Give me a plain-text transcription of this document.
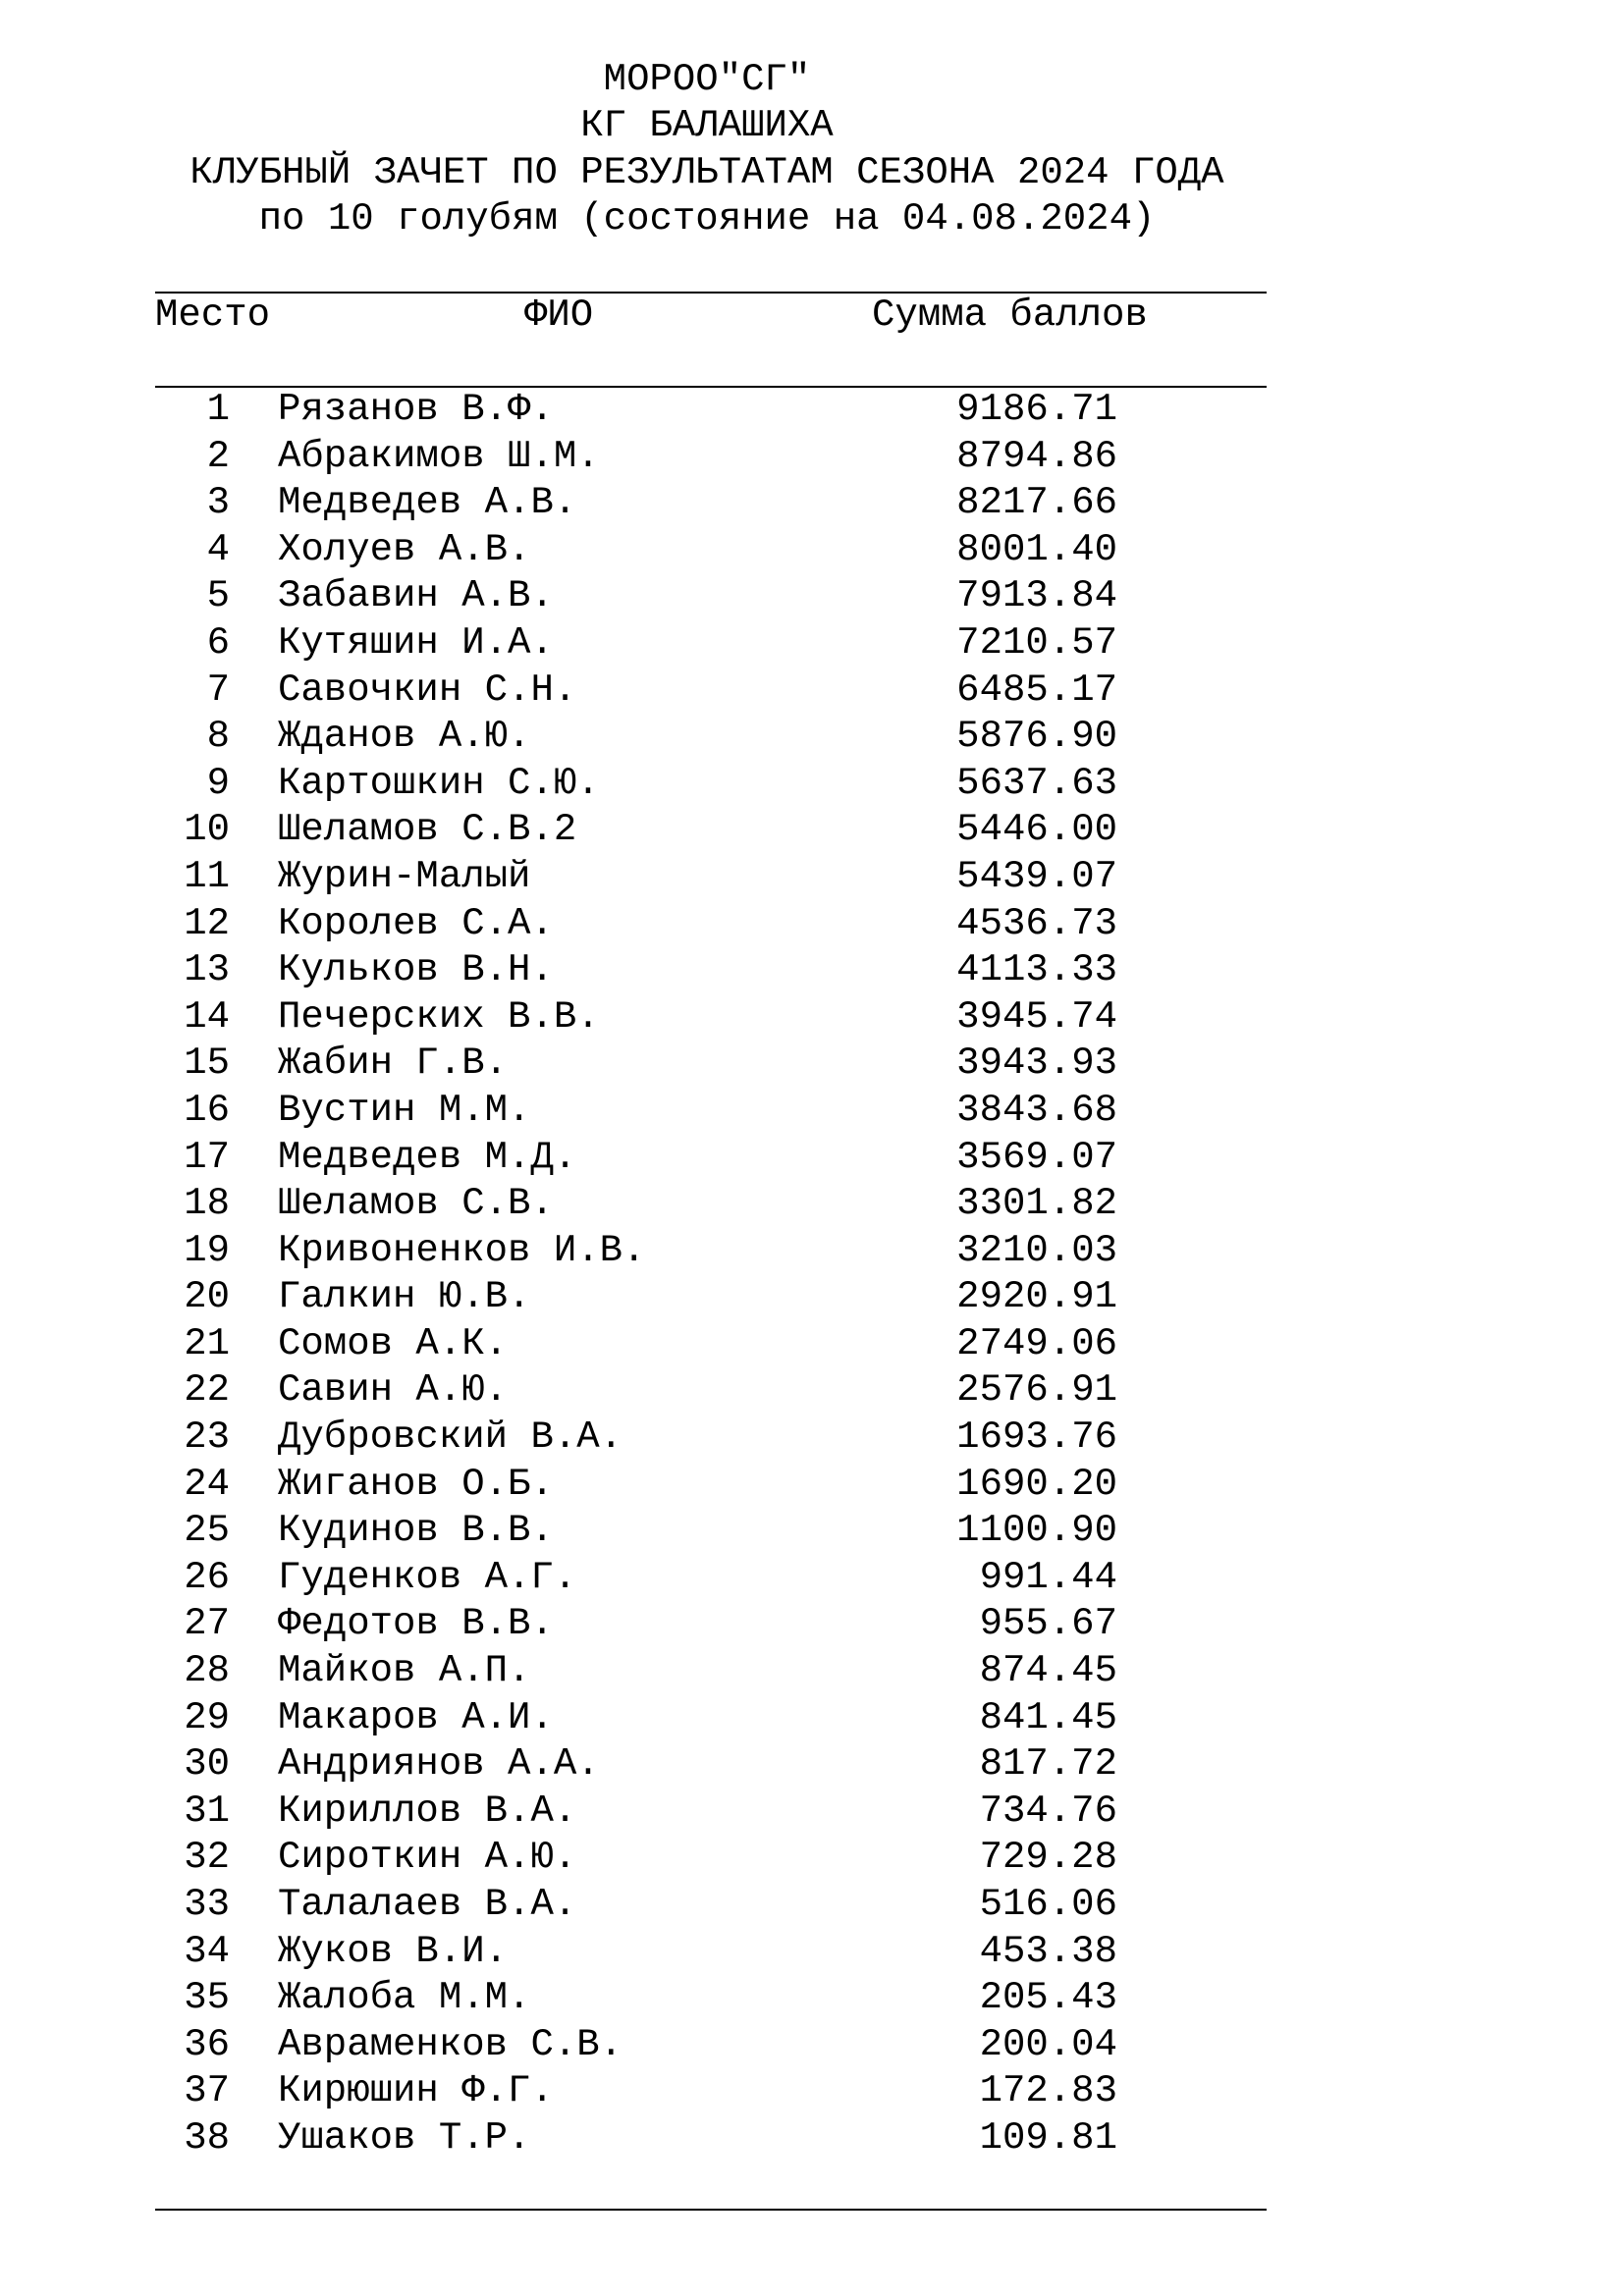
МОРОО"СГ"
КГ БАЛАШИХА
КЛУБНЫЙ ЗАЧЕТ ПО РЕЗУЛЬТАТАМ СЕЗОНА 2024 ГОДА
по 10 голубям (состояние на 04.08.2024)
Место	ФИО	Сумма баллов
1 Рязанов В.Ф.	9186.71
2 Абракимов Ш.М.	8794.86
3 Медведев А.В.	8217.66
4 Холуев А.В.	8001.40
5 Забавин А.В.	7913.84
6 Кутяшин И.А.	7210.57
7 Савочкин С.Н.	6485.17
8 Жданов А.Ю.	5876.90
9 Картошкин С.Ю.	5637.63
10 Шеламов С.В.2	5446.00
11 Журин-Малый	5439.07
12 Королев С.А.	4536.73
13 Кульков В.Н.	4113.33
14 Печерских В.В.	3945.74
15 Жабин Г.В.	3943.93
16 Вустин М.М.	3843.68
17 Медведев М.Д.	3569.07
18 Шеламов С.В.	3301.82
19 Кривоненков И.В.	3210.03
20 Галкин Ю.В.	2920.91
21 Сомов А.К.	2749.06
22 Савин А.Ю.	2576.91
23 Дубровский В.А.	1693.76
24 Жиганов О.Б.	1690.20
25 Кудинов В.В.	1100.90
26 Гуденков А.Г.	991.44
27 Федотов В.В.	955.67
28 Майков А.П.	874.45
29 Макаров А.И.	841.45
30 Андриянов А.А.	817.72
31 Кириллов В.А.	734.76
32 Сироткин А.Ю.	729.28
33 Талалаев В.А.	516.06
34 Жуков В.И.	453.38
35 Жалоба М.М.	205.43
36 Авраменков С.В.	200.04
37 Кирюшин Ф.Г.	172.83
38 Ушаков Т.Р.	109.81
